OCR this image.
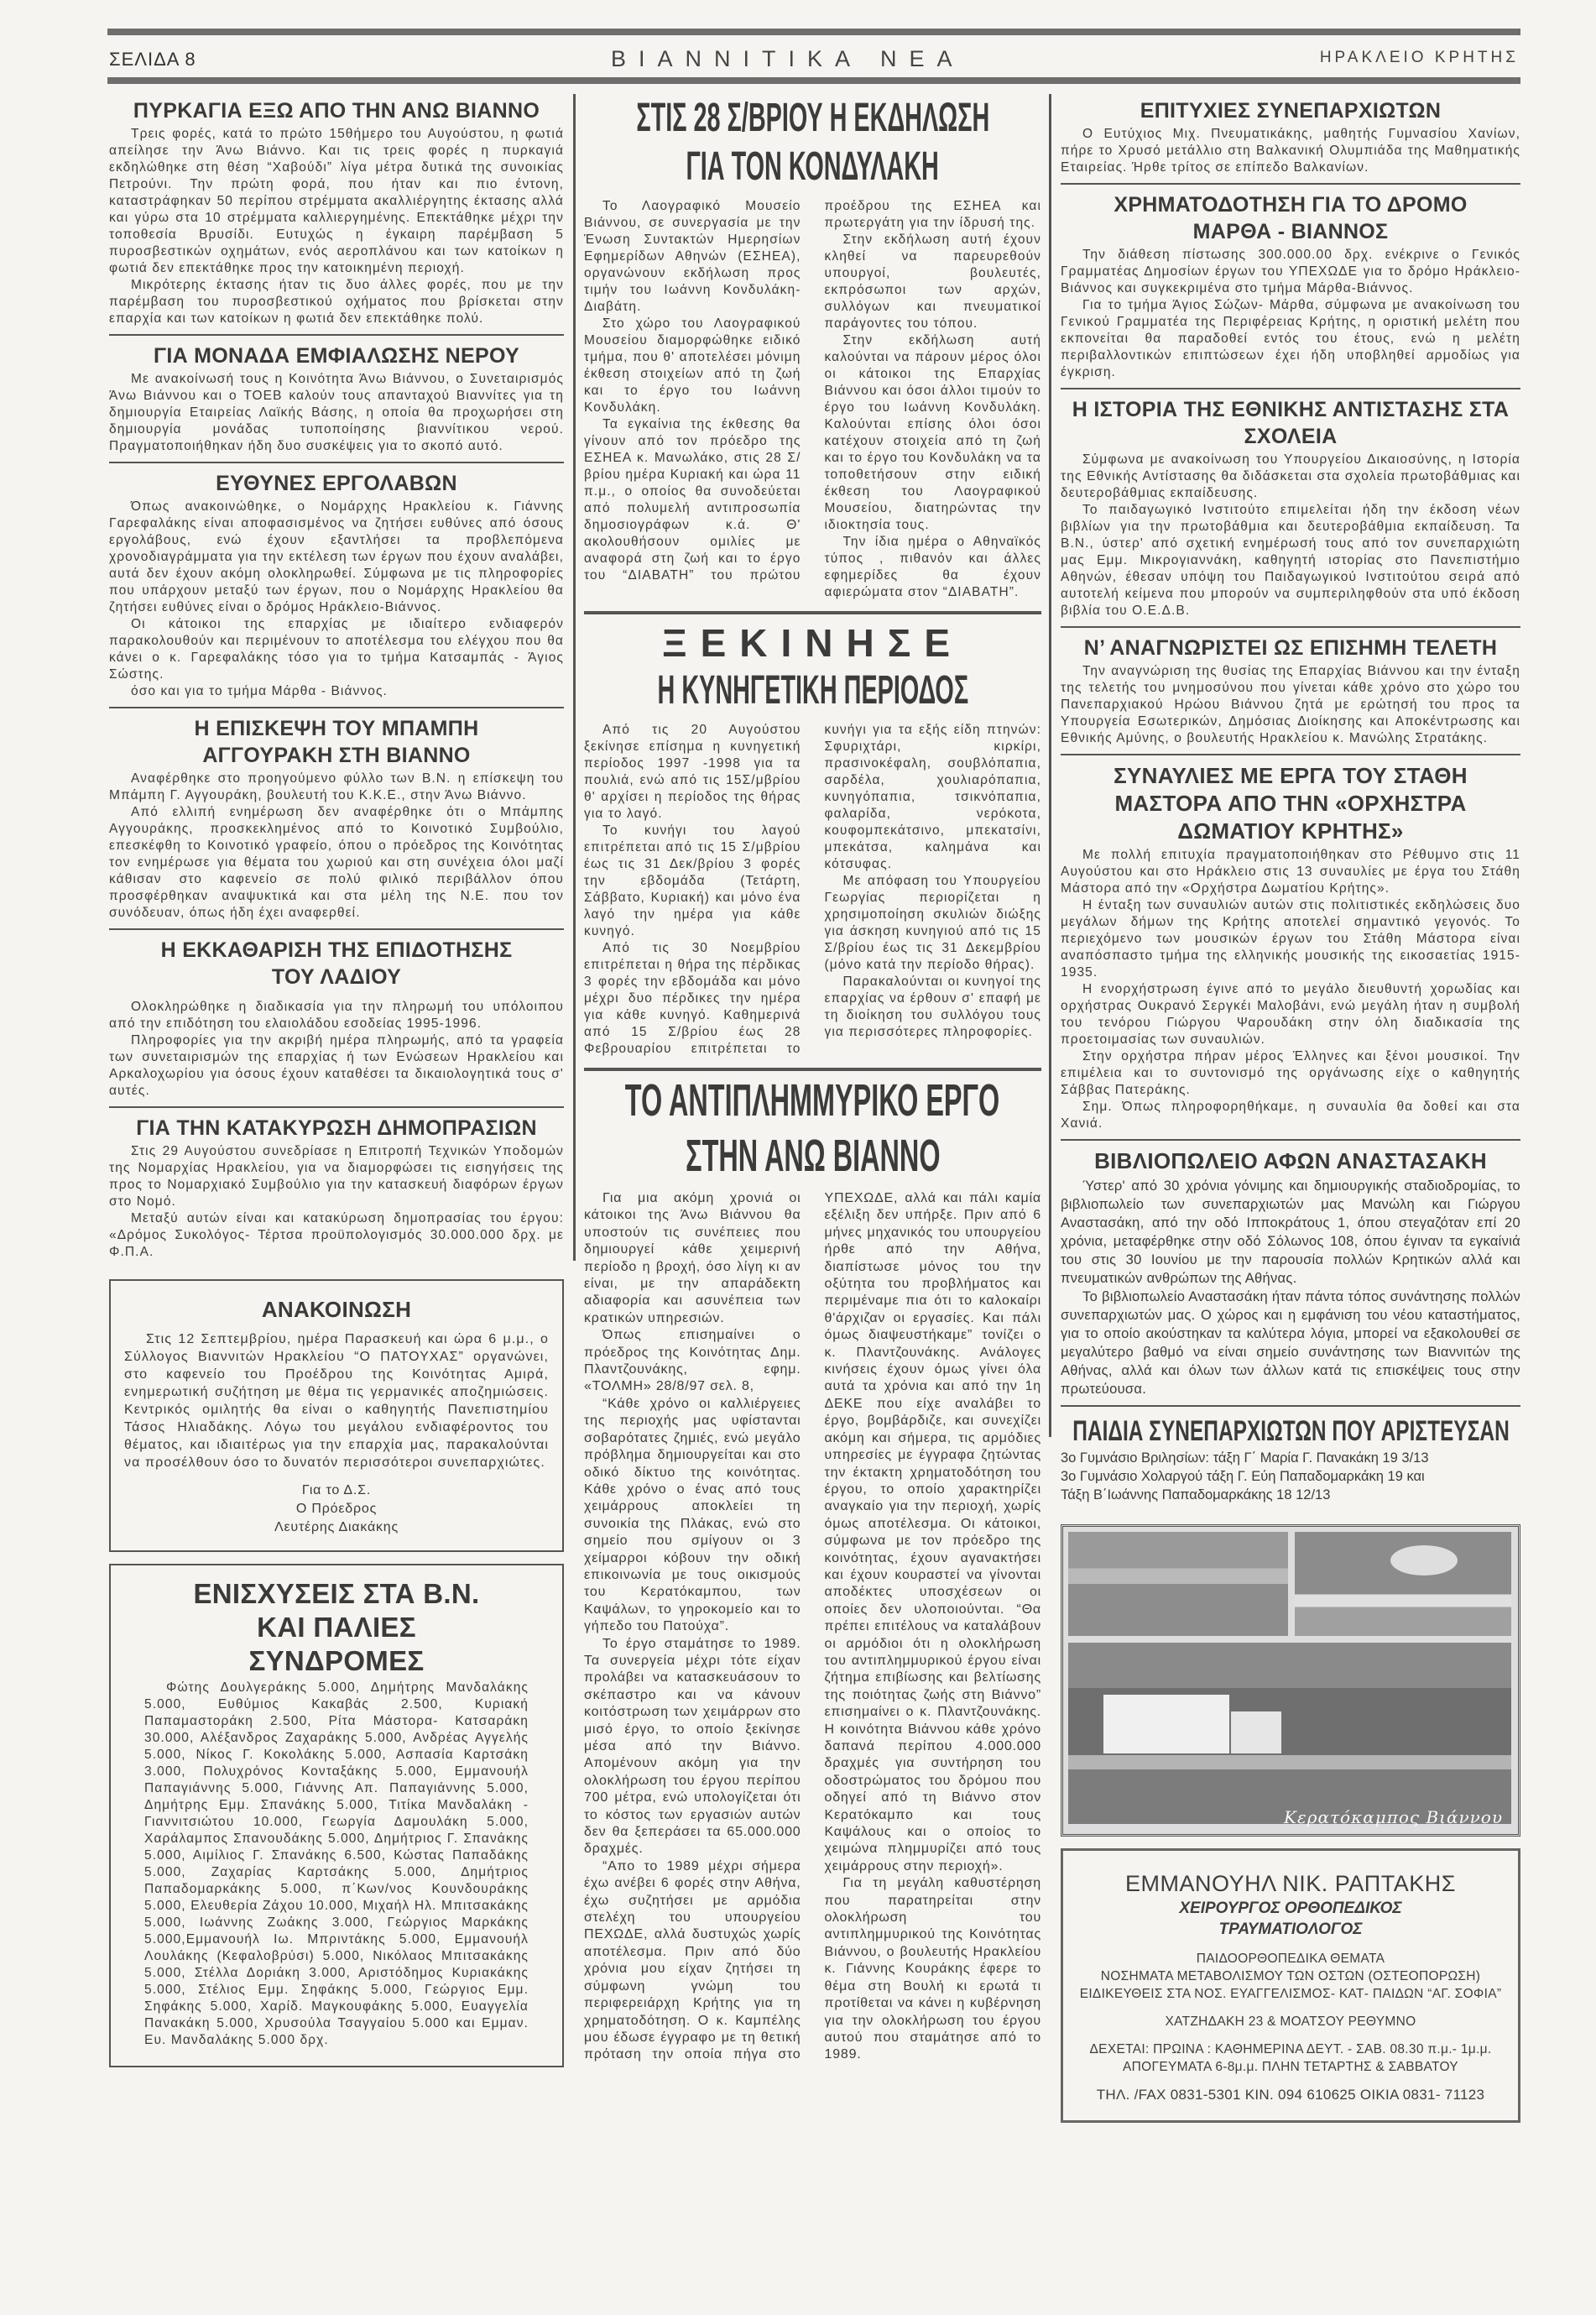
ΣΕΛΙΔΑ 8	ΒΙΑΝΝΙΤΙΚΑ ΝΕΑ	ΗΡΑΚΛΕΙΟ ΚΡΗΤΗΣ
ΠΥΡΚΑΓΙΑ ΕΞΩ ΑΠΟ ΤΗΝ ΑΝΩ ΒΙΑΝΝΟ

Τρεις φορές, κατά το πρώτο 15θήμερο του Αυγούστου, η φωτιά απείλησε την Άνω Βιάννο. Και τις τρεις φορές η πυρκαγιά εκδηλώθηκε στη θέση “Χαβούδι” λίγα μέτρα δυτικά της συνοικίας Πετρούνι. Την πρώτη φορά, που ήταν και πιο έντονη, καταστράφηκαν 50 περίπου στρέμματα ακαλλιέργητης έκτασης αλλά και γύρω στα 10 στρέμματα καλλιεργημένης. Επεκτάθηκε μέχρι την τοποθεσία Βρυσίδι. Ευτυχώς η έγκαιρη παρέμβαση 5 πυροσβεστικών οχημάτων, ενός αεροπλάνου και των κατοίκων η φωτιά δεν επεκτάθηκε προς την κατοικημένη περιοχή.

Μικρότερης έκτασης ήταν τις δυο άλλες φορές, που με την παρέμβαση του πυροσβεστικού οχήματος που βρίσκεται στην επαρχία και των κατοίκων η φωτιά δεν επεκτάθηκε πολύ.

ΓΙΑ ΜΟΝΑΔΑ ΕΜΦΙΑΛΩΣΗΣ ΝΕΡΟΥ

Με ανακοίνωσή τους η Κοινότητα Άνω Βιάννου, ο Συνεταιρισμός Άνω Βιάννου και ο ΤΟΕΒ καλούν τους απανταχού Βιαννίτες για τη δημιουργία Εταιρείας Λαϊκής Βάσης, η οποία θα προχωρήσει στη δημιουργία μονάδας τυποποίησης βιαννίτικου νερού. Πραγματοποιήθηκαν ήδη δυο συσκέψεις για το σκοπό αυτό.

ΕΥΘΥΝΕΣ ΕΡΓΟΛΑΒΩΝ

Όπως ανακοινώθηκε, ο Νομάρχης Ηρακλείου κ. Γιάννης Γαρεφαλάκης είναι αποφασισμένος να ζητήσει ευθύνες από όσους εργολάβους, ενώ έχουν εξαντλήσει τα προβλεπόμενα χρονοδιαγράμματα για την εκτέλεση των έργων που έχουν αναλάβει, αυτά δεν έχουν ακόμη ολοκληρωθεί. Σύμφωνα με τις πληροφορίες που υπάρχουν μεταξύ των έργων, που ο Νομάρχης Ηρακλείου θα ζητήσει ευθύνες είναι ο δρόμος Ηράκλειο-Βιάννος.

Οι κάτοικοι της επαρχίας με ιδιαίτερο ενδιαφερόν παρακολουθούν και περιμένουν το αποτέλεσμα του ελέγχου που θα κάνει ο κ. Γαρεφαλάκης τόσο για το τμήμα Κατσαμπάς - Άγιος Σώστης.

όσο και για το τμήμα Μάρθα - Βιάννος.

Η ΕΠΙΣΚΕΨΗ ΤΟΥ ΜΠΑΜΠΗ ΑΓΓΟΥΡΑΚΗ ΣΤΗ ΒΙΑΝΝΟ

Αναφέρθηκε στο προηγούμενο φύλλο των Β.Ν. η επίσκεψη του Μπάμπη Γ. Αγγουράκη, βουλευτή του Κ.Κ.Ε., στην Άνω Βιάννο.

Από ελλιπή ενημέρωση δεν αναφέρθηκε ότι ο Μπάμπης Αγγουράκης, προσκεκλημένος από το Κοινοτικό Συμβούλιο, επεσκέφθη το Κοινοτικό γραφείο, όπου ο πρόεδρος της Κοινότητας τον ενημέρωσε για θέματα του χωριού και στη συνέχεια όλοι μαζί κάθισαν στο καφενείο σε πολύ φιλικό περιβάλλον όπου προσφέρθηκαν αναψυκτικά και στα μέλη της Ν.Ε. που τον συνόδευαν, όπως ήδη έχει αναφερθεί.

Η ΕΚΚΑΘΑΡΙΣΗ ΤΗΣ ΕΠΙΔΟΤΗΣΗΣ ΤΟΥ ΛΑΔΙΟΥ

Ολοκληρώθηκε η διαδικασία για την πληρωμή του υπόλοιπου από την επιδότηση του ελαιολάδου εσοδείας 1995-1996.

Πληροφορίες για την ακριβή ημέρα πληρωμής, από τα γραφεία των συνεταιρισμών της επαρχίας ή των Ενώσεων Ηρακλείου και Αρκαλοχωρίου για όσους έχουν καταθέσει τα δικαιολογητικά τους σ' αυτές.

ΓΙΑ ΤΗΝ ΚΑΤΑΚΥΡΩΣΗ ΔΗΜΟΠΡΑΣΙΩΝ

Στις 29 Αυγούστου συνεδρίασε η Επιτροπή Τεχνικών Υποδομών της Νομαρχίας Ηρακλείου, για να διαμορφώσει τις εισηγήσεις της προς το Νομαρχιακό Συμβούλιο για την κατασκευή διαφόρων έργων στο Νομό.

Μεταξύ αυτών είναι και κατακύρωση δημοπρασίας του έργου: «Δρόμος Συκολόγος- Τέρτσα προϋπολογισμός 30.000.000 δρχ. με Φ.Π.Α.

ΑΝΑΚΟΙΝΩΣΗ

Στις 12 Σεπτεμβρίου, ημέρα Παρασκευή και ώρα 6 μ.μ., ο Σύλλογος Βιαννιτών Ηρακλείου “Ο ΠΑΤΟΥΧΑΣ” οργανώνει, στο καφενείο του Προέδρου της Κοινότητας Αμιρά, ενημερωτική συζήτηση με θέμα τις γερμανικές αποζημιώσεις. Κεντρικός ομιλητής θα είναι ο καθηγητής Πανεπιστημίου Τάσος Ηλιαδάκης. Λόγω του μεγάλου ενδιαφέροντος του θέματος, και ιδιαιτέρως για την επαρχία μας, παρακαλούνται να προσέλθουν όσο το δυνατόν περισσότεροι συνεπαρχιώτες.

Για το Δ.Σ.
Ο Πρόεδρος
Λευτέρης Διακάκης
ΕΝΙΣΧΥΣΕΙΣ ΣΤΑ Β.Ν. ΚΑΙ ΠΑΛΙΕΣ ΣΥΝΔΡΟΜΕΣ

Φώτης Δουλγεράκης 5.000, Δημήτρης Μανδαλάκης 5.000, Ευθύμιος Κακαβάς 2.500, Κυριακή Παπαμαστοράκη 2.500, Ρίτα Μάστορα- Κατσαράκη 30.000, Αλέξανδρος Ζαχαράκης 5.000, Ανδρέας Αγγελής 5.000, Νίκος Γ. Κοκολάκης 5.000, Ασπασία Καρτσάκη 3.000, Πολυχρόνος Κονταξάκης 5.000, Εμμανουήλ Παπαγιάννης 5.000, Γιάννης Απ. Παπαγιάννης 5.000, Δημήτρης Εμμ. Σπανάκης 5.000, Τιτίκα Μανδαλάκη - Γιαννιτσιώτου 10.000, Γεωργία Δαμουλάκη 5.000, Χαράλαμπος Σπανουδάκης 5.000, Δημήτριος Γ. Σπανάκης 5.000, Αιμίλιος Γ. Σπανάκης 6.500, Κώστας Παπαδάκης 5.000, Ζαχαρίας Καρτσάκης 5.000, Δημήτριος Παπαδομαρκάκης 5.000, π΄Κων/νος Κουνδουράκης 5.000, Ελευθερία Ζάχου 10.000, Μιχαήλ Ηλ. Μπιτσακάκης 5.000, Ιωάννης Ζωάκης 3.000, Γεώργιος Μαρκάκης 5.000,Εμμανουήλ Ιω. Μπριντάκης 5.000, Εμμανουήλ Λουλάκης (Κεφαλοβρύσι) 5.000, Νικόλαος Μπιτσακάκης 5.000, Στέλλα Δοριάκη 3.000, Αριστόδημος Κυριακάκης 5.000, Στέλιος Εμμ. Σηφάκης 5.000, Γεώργιος Εμμ. Σηφάκης 5.000, Χαρίδ. Μαγκουφάκης 5.000, Ευαγγελία Πανακάκη 5.000, Χρυσούλα Τσαγγαίου 5.000 και Εμμαν. Ευ. Μανδαλάκης 5.000 δρχ.

ΣΤΙΣ 28 Σ/ΒΡΙΟΥ Η ΕΚΔΗΛΩΣΗ
ΓΙΑ ΤΟΝ ΚΟΝΔΥΛΑΚΗ

Το Λαογραφικό Μουσείο Βιάννου, σε συνεργασία με την Ένωση Συντακτών Ημερησίων Εφημερίδων Αθηνών (ΕΣΗΕΑ), οργανώνουν εκδήλωση προς τιμήν του Ιωάννη Κονδυλάκη-Διαβάτη.

Στο χώρο του Λαογραφικού Μουσείου διαμορφώθηκε ειδικό τμήμα, που θ' αποτελέσει μόνιμη έκθεση στοιχείων από τη ζωή και το έργο του Ιωάννη Κονδυλάκη.

Τα εγκαίνια της έκθεσης θα γίνουν από τον πρόεδρο της ΕΣΗΕΑ κ. Μανωλάκο, στις 28 Σ/βρίου ημέρα Κυριακή και ώρα 11 π.μ., ο οποίος θα συνοδεύεται από πολυμελή αντιπροσωπία δημοσιογράφων κ.ά. Θ' ακολουθήσουν ομιλίες με αναφορά στη ζωή και το έργο του “ΔΙΑΒΑΤΗ” του πρώτου προέδρου της ΕΣΗΕΑ και πρωτεργάτη για την ίδρυσή της.

Στην εκδήλωση αυτή έχουν κληθεί να παρευρεθούν υπουργοί, βουλευτές, εκπρόσωποι των αρχών, συλλόγων και πνευματικοί παράγοντες του τόπου.

Στην εκδήλωση αυτή καλούνται να πάρουν μέρος όλοι οι κάτοικοι της Επαρχίας Βιάννου και όσοι άλλοι τιμούν το έργο του Ιωάννη Κονδυλάκη. Καλούνται επίσης όλοι όσοι κατέχουν στοιχεία από τη ζωή και το έργο του Κονδυλάκη να τα τοποθετήσουν στην ειδική έκθεση του Λαογραφικού Μουσείου, διατηρώντας την ιδιοκτησία τους.

Την ίδια ημέρα ο Αθηναϊκός τύπος , πιθανόν και άλλες εφημερίδες θα έχουν αφιερώματα στον “ΔΙΑΒΑΤΗ”.

ΞΕΚΙΝΗΣΕ
Η ΚΥΝΗΓΕΤΙΚΗ ΠΕΡΙΟΔΟΣ

Από τις 20 Αυγούστου ξεκίνησε επίσημα η κυνηγετική περίοδος 1997 -1998 για τα πουλιά, ενώ από τις 15Σ/μβρίου θ' αρχίσει η περίοδος της θήρας για το λαγό.

Το κυνήγι του λαγού επιτρέπεται από τις 15 Σ/μβρίου έως τις 31 Δεκ/βρίου 3 φορές την εβδομάδα (Τετάρτη, Σάββατο, Κυριακή) και μόνο ένα λαγό την ημέρα για κάθε κυνηγό.

Από τις 30 Νοεμβρίου επιτρέπεται η θήρα της πέρδικας 3 φορές την εβδομάδα και μόνο μέχρι δυο πέρδικες την ημέρα για κάθε κυνηγό. Καθημερινά από 15 Σ/βρίου έως 28 Φεβρουαρίου επιτρέπεται το κυνήγι για τα εξής είδη πτηνών: Σφυριχτάρι, κιρκίρι, πρασινοκέφαλη, σουβλόπαπια, σαρδέλα, χουλιαρόπαπια, κυνηγόπαπια, τσικνόπαπια, φαλαρίδα, νερόκοτα, κουφομπεκάτσινο, μπεκατσίνι, μπεκάτσα, καλημάνα και κότσυφας.

Με απόφαση του Υπουργείου Γεωργίας περιορίζεται η χρησιμοποίηση σκυλιών διώξης για άσκηση κυνηγιού από τις 15 Σ/βρίου έως τις 31 Δεκεμβρίου (μόνο κατά την περίοδο θήρας).

Παρακαλούνται οι κυνηγοί της επαρχίας να έρθουν σ' επαφή με τη διοίκηση του συλλόγου τους για περισσότερες πληροφορίες.

ΤΟ ΑΝΤΙΠΛΗΜΜΥΡΙΚΟ ΕΡΓΟ
ΣΤΗΝ ΑΝΩ ΒΙΑΝΝΟ

Για μια ακόμη χρονιά οι κάτοικοι της Άνω Βιάννου θα υποστούν τις συνέπειες που δημιουργεί κάθε χειμερινή περίοδο η βροχή, όσο λίγη κι αν είναι, με την απαράδεκτη αδιαφορία και ασυνέπεια των κρατικών υπηρεσιών.

Όπως επισημαίνει ο πρόεδρος της Κοινότητας Δημ. Πλαντζουνάκης, εφημ. «ΤΟΛΜΗ» 28/8/97 σελ. 8,

“Κάθε χρόνο οι καλλιέργειες της περιοχής μας υφίστανται σοβαρότατες ζημιές, ενώ μεγάλο πρόβλημα δημιουργείται και στο οδικό δίκτυο της κοινότητας. Κάθε χρόνο ο ένας από τους χειμάρρους αποκλείει τη συνοικία της Πλάκας, ενώ στο σημείο που σμίγουν οι 3 χείμαρροι κόβουν την οδική επικοινωνία με τους οικισμούς του Κερατόκαμπου, των Καψάλων, το γηροκομείο και το γήπεδο του Πατούχα”.

Το έργο σταμάτησε το 1989. Τα συνεργεία μέχρι τότε είχαν προλάβει να κατασκευάσουν το σκέπαστρο και να κάνουν κοιτόστρωση των χειμάρρων στο μισό έργο, το οποίο ξεκίνησε μέσα από την Βιάννο. Απομένουν ακόμη για την ολοκλήρωση του έργου περίπου 700 μέτρα, ενώ υπολογίζεται ότι το κόστος των εργασιών αυτών δεν θα ξεπεράσει τα 65.000.000 δραχμές.

“Απο το 1989 μέχρι σήμερα έχω ανέβει 6 φορές στην Αθήνα, έχω συζητήσει με αρμόδια στελέχη του υπουργείου ΠΕΧΩΔΕ, αλλά δυστυχώς χωρίς αποτέλεσμα. Πριν από δύο χρόνια μου είχαν ζητήσει τη σύμφωνη γνώμη του περιφερειάρχη Κρήτης για τη χρηματοδότηση. Ο κ. Καμπέλης μου έδωσε έγγραφο με τη θετική πρόταση την οποία πήγα στο ΥΠΕΧΩΔΕ, αλλά και πάλι καμία εξέλιξη δεν υπήρξε. Πριν από 6 μήνες μηχανικός του υπουργείου ήρθε από την Αθήνα, διαπίστωσε μόνος του την οξύτητα του προβλήματος και περιμέναμε πια ότι το καλοκαίρι θ'άρχιζαν οι εργασίες. Και πάλι όμως διαψευστήκαμε” τονίζει ο κ. Πλαντζουνάκης. Ανάλογες κινήσεις έχουν όμως γίνει όλα αυτά τα χρόνια και από την 1η ΔΕΚΕ που είχε αναλάβει το έργο, βομβάρδιζε, και συνεχίζει ακόμη και σήμερα, τις αρμόδιες υπηρεσίες με έγγραφα ζητώντας την έκτακτη χρηματοδότηση του έργου, το οποίο χαρακτηρίζει αναγκαίο για την περιοχή, χωρίς όμως αποτέλεσμα. Οι κάτοικοι, σύμφωνα με τον πρόεδρο της κοινότητας, έχουν αγανακτήσει και έχουν κουραστεί να γίνονται αποδέκτες υποσχέσεων οι οποίες δεν υλοποιούνται. “Θα πρέπει επιτέλους να καταλάβουν οι αρμόδιοι ότι η ολοκλήρωση του αντιπλημμυρικού έργου είναι ζήτημα επιβίωσης και βελτίωσης της ποιότητας ζωής στη Βιάννο” επισημαίνει ο κ. Πλαντζουνάκης. Η κοινότητα Βιάννου κάθε χρόνο δαπανά περίπου 4.000.000 δραχμές για συντήρηση του οδοστρώματος του δρόμου που οδηγεί από τη Βιάννο στον Κερατόκαμπο και τους Καψάλους και ο οποίος το χειμώνα πλημμυρίζει από τους χειμάρρους στην περιοχή».

Για τη μεγάλη καθυστέρηση που παρατηρείται στην ολοκλήρωση του αντιπλημμυρικού της Κοινότητας Βιάννου, ο βουλευτής Ηρακλείου κ. Γιάννης Κουράκης έφερε το θέμα στη Βουλή κι ερωτά τι προτίθεται να κάνει η κυβέρνηση για την ολοκλήρωση του έργου αυτού που σταμάτησε από το 1989.

ΕΠΙΤΥΧΙΕΣ ΣΥΝΕΠΑΡΧΙΩΤΩΝ

Ο Ευτύχιος Μιχ. Πνευματικάκης, μαθητής Γυμνασίου Χανίων, πήρε το Χρυσό μετάλλιο στη Βαλκανική Ολυμπιάδα της Μαθηματικής Εταιρείας. Ήρθε τρίτος σε επίπεδο Βαλκανίων.

ΧΡΗΜΑΤΟΔΟΤΗΣΗ ΓΙΑ ΤΟ ΔΡΟΜΟ ΜΑΡΘΑ - ΒΙΑΝΝΟΣ

Την διάθεση πίστωσης 300.000.00 δρχ. ενέκρινε ο Γενικός Γραμματέας Δημοσίων έργων του ΥΠΕΧΩΔΕ για το δρόμο Ηράκλειο- Βιάννος και συγκεκριμένα στο τμήμα Μάρθα-Βιάννος.

Για το τμήμα Άγιος Σώζων- Μάρθα, σύμφωνα με ανακοίνωση του Γενικού Γραμματέα της Περιφέρειας Κρήτης, η οριστική μελέτη που εκπονείται θα παραδοθεί εντός του έτους, ενώ η μελέτη περιβαλλοντικών επιπτώσεων έχει ήδη υποβληθεί αρμοδίως για έγκριση.

Η ΙΣΤΟΡΙΑ ΤΗΣ ΕΘΝΙΚΗΣ ΑΝΤΙΣΤΑΣΗΣ ΣΤΑ ΣΧΟΛΕΙΑ

Σύμφωνα με ανακοίνωση του Υπουργείου Δικαιοσύνης, η Ιστορία της Εθνικής Αντίστασης θα διδάσκεται στα σχολεία πρωτοβάθμιας και δευτεροβάθμιας εκπαίδευσης.

Το παιδαγωγικό Ινστιτούτο επιμελείται ήδη την έκδοση νέων βιβλίων για την πρωτοβάθμια και δευτεροβάθμια εκπαίδευση. Τα Β.Ν., ύστερ' από σχετική ενημέρωσή τους από τον συνεπαρχιώτη μας Εμμ. Μικρογιαννάκη, καθηγητή ιστορίας στο Πανεπιστήμιο Αθηνών, έθεσαν υπόψη του Παιδαγωγικού Ινστιτούτου σειρά από αυτοτελή κείμενα που μπορούν να συμπεριληφθούν στα υπό έκδοση βιβλία του Ο.Ε.Δ.Β.

Ν’ ΑΝΑΓΝΩΡΙΣΤΕΙ ΩΣ ΕΠΙΣΗΜΗ ΤΕΛΕΤΗ

Την αναγνώριση της θυσίας της Επαρχίας Βιάννου και την ένταξη της τελετής του μνημοσύνου που γίνεται κάθε χρόνο στο χώρο του Πανεπαρχιακού Ηρώου Βιάννου ζητά με ερώτησή του προς τα Υπουργεία Εσωτερικών, Δημόσιας Διοίκησης και Αποκέντρωσης και Εθνικής Αμύνης, ο βουλευτής Ηρακλείου κ. Μανώλης Στρατάκης.

ΣΥΝΑΥΛΙΕΣ ΜΕ ΕΡΓΑ ΤΟΥ ΣΤΑΘΗ ΜΑΣΤΟΡΑ ΑΠΟ ΤΗΝ «ΟΡΧΗΣΤΡΑ ΔΩΜΑΤΙΟΥ ΚΡΗΤΗΣ»

Με πολλή επιτυχία πραγματοποιήθηκαν στο Ρέθυμνο στις 11 Αυγούστου και στο Ηράκλειο στις 13 συναυλίες με έργα του Στάθη Μάστορα από την «Ορχήστρα Δωματίου Κρήτης».

Η ένταξη των συναυλιών αυτών στις πολιτιστικές εκδηλώσεις δυο μεγάλων δήμων της Κρήτης αποτελεί σημαντικό γεγονός. Το περιεχόμενο των μουσικών έργων του Στάθη Μάστορα είναι αναπόσπαστο τμήμα της ελληνικής μουσικής της εικοσαετίας 1915-1935.

Η ενορχήστρωση έγινε από το μεγάλο διευθυντή χορωδίας και ορχήστρας Ουκρανό Σεργκέι Μαλοβάνι, ενώ μεγάλη ήταν η συμβολή του τενόρου Γιώργου Ψαρουδάκη στην όλη διαδικασία της προετοιμασίας των συναυλιών.

Στην ορχήστρα πήραν μέρος Έλληνες και ξένοι μουσικοί. Την επιμέλεια και το συντονισμό της οργάνωσης είχε ο καθηγητής Σάββας Πατεράκης.

Σημ. Όπως πληροφορηθήκαμε, η συναυλία θα δοθεί και στα Χανιά.

ΒΙΒΛΙΟΠΩΛΕΙΟ ΑΦΩΝ ΑΝΑΣΤΑΣΑΚΗ

Ύστερ' από 30 χρόνια γόνιμης και δημιουργικής σταδιοδρομίας, το βιβλιοπωλείο των συνεπαρχιωτών μας Μανώλη και Γιώργου Αναστασάκη, από την οδό Ιπποκράτους 1, όπου στεγαζόταν επί 20 χρόνια, μεταφέρθηκε στην οδό Σόλωνος 108, όπου έγιναν τα εγκαίνιά του στις 30 Ιουνίου με την παρουσία πολλών Κρητικών αλλά και πνευματικών ανθρώπων της Αθήνας.

Το βιβλιοπωλείο Αναστασάκη ήταν πάντα τόπος συνάντησης πολλών συνεπαρχιωτών μας. Ο χώρος και η εμφάνιση του νέου καταστήματος, για το οποίο ακούστηκαν τα καλύτερα λόγια, μπορεί να εξακολουθεί σε μεγαλύτερο βαθμό να είναι σημείο συνάντησης των Βιαννιτών της Αθήνας, αλλά και όλων των άλλων κατά τις επισκέψεις τους στην πρωτεύουσα.

ΠΑΙΔΙΑ ΣΥΝΕΠΑΡΧΙΩΤΩΝ ΠΟΥ ΑΡΙΣΤΕΥΣΑΝ
3ο Γυμνάσιο Βριλησίων: τάξη Γ΄ Μαρία Γ. Πανακάκη 19 3/13
3ο Γυμνάσιο Χολαργού τάξη Γ. Εύη Παπαδομαρκάκη 19 και
Τάξη Β΄Ιωάννης Παπαδομαρκάκης 18 12/13
Κερατόκαμπος Βιάννου
ΕΜΜΑΝΟΥΗΛ ΝΙΚ. ΡΑΠΤΑΚΗΣ
ΧΕΙΡΟΥΡΓΟΣ ΟΡΘΟΠΕΔΙΚΟΣ
ΤΡΑΥΜΑΤΙΟΛΟΓΟΣ
ΠΑΙΔΟΟΡΘΟΠΕΔΙΚΑ ΘΕΜΑΤΑ
ΝΟΣΗΜΑΤΑ ΜΕΤΑΒΟΛΙΣΜΟΥ ΤΩΝ ΟΣΤΩΝ (ΟΣΤΕΟΠΟΡΩΣΗ)
ΕΙΔΙΚΕΥΘΕΙΣ ΣΤΑ ΝΟΣ. ΕΥΑΓΓΕΛΙΣΜΟΣ- ΚΑΤ- ΠΑΙΔΩΝ “ΑΓ. ΣΟΦΙΑ”
ΧΑΤΖΗΔΑΚΗ 23 & ΜΟΑΤΣΟΥ ΡΕΘΥΜΝΟ
ΔΕΧΕΤΑΙ: ΠΡΩΙΝΑ : ΚΑΘΗΜΕΡΙΝΑ ΔΕΥΤ. - ΣΑΒ. 08.30 π.μ.- 1μ.μ.
ΑΠΟΓΕΥΜΑΤΑ 6-8μ.μ. ΠΛΗΝ ΤΕΤΑΡΤΗΣ & ΣΑΒΒΑΤΟΥ
ΤΗΛ. /FAX 0831-5301 ΚΙΝ. 094 610625 ΟΙΚΙΑ 0831- 71123
